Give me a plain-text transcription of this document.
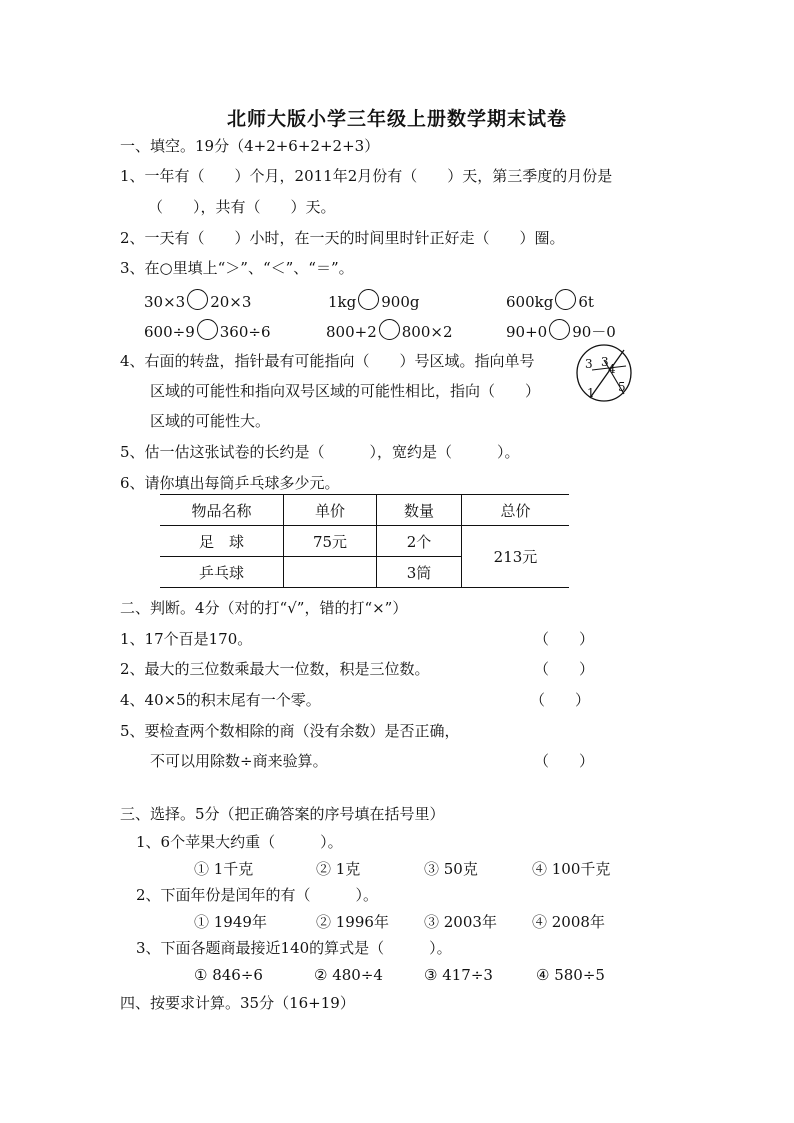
北师大版小学三年级上册数学期末试卷
一、填空。19分（4+2+6+2+2+3）
1、一年有（　　）个月，2011年2月份有（　　）天，第三季度的月份是
（　　），共有（　　）天。
2、一天有（　　）小时，在一天的时间里时针正好走（　　）圈。
3、在○里填上“＞”、“＜”、“＝”。
30×3 20×3	1kg 900g	600kg 6t
600÷9 360÷6	800+2 800×2	90+0 90－0
4、右面的转盘，指针最有可能指向（　　）号区域。指向单号
区域的可能性和指向双号区域的可能性相比，指向（　　）
区域的可能性大。
3 3 4
5
1
5、估一估这张试卷的长约是（　　　），宽约是（　　　）。
6、请你填出每筒乒乓球多少元。
物品名称	单价	数量	总价
足　球	75元	2个	213元
乒乓球		3筒	
二、判断。4分（对的打“√”，错的打“×”）
1、17个百是170。	（　　）
2、最大的三位数乘最大一位数，积是三位数。	（　　）
4、40×5的积末尾有一个零。	（　　）
5、要检查两个数相除的商（没有余数）是否正确，
不可以用除数÷商来验算。	（　　）
三、选择。5分（把正确答案的序号填在括号里）
1、6个苹果大约重（　　　）。
① 1千克	② 1克	③ 50克	④ 100千克
2、下面年份是闰年的有（　　　）。
① 1949年	② 1996年 ③ 2003年 ④ 2008年
3、下面各题商最接近140的算式是（　　　）。
① 846÷6	② 480÷4	③ 417÷3	④ 580÷5
四、按要求计算。35分（16+19）
